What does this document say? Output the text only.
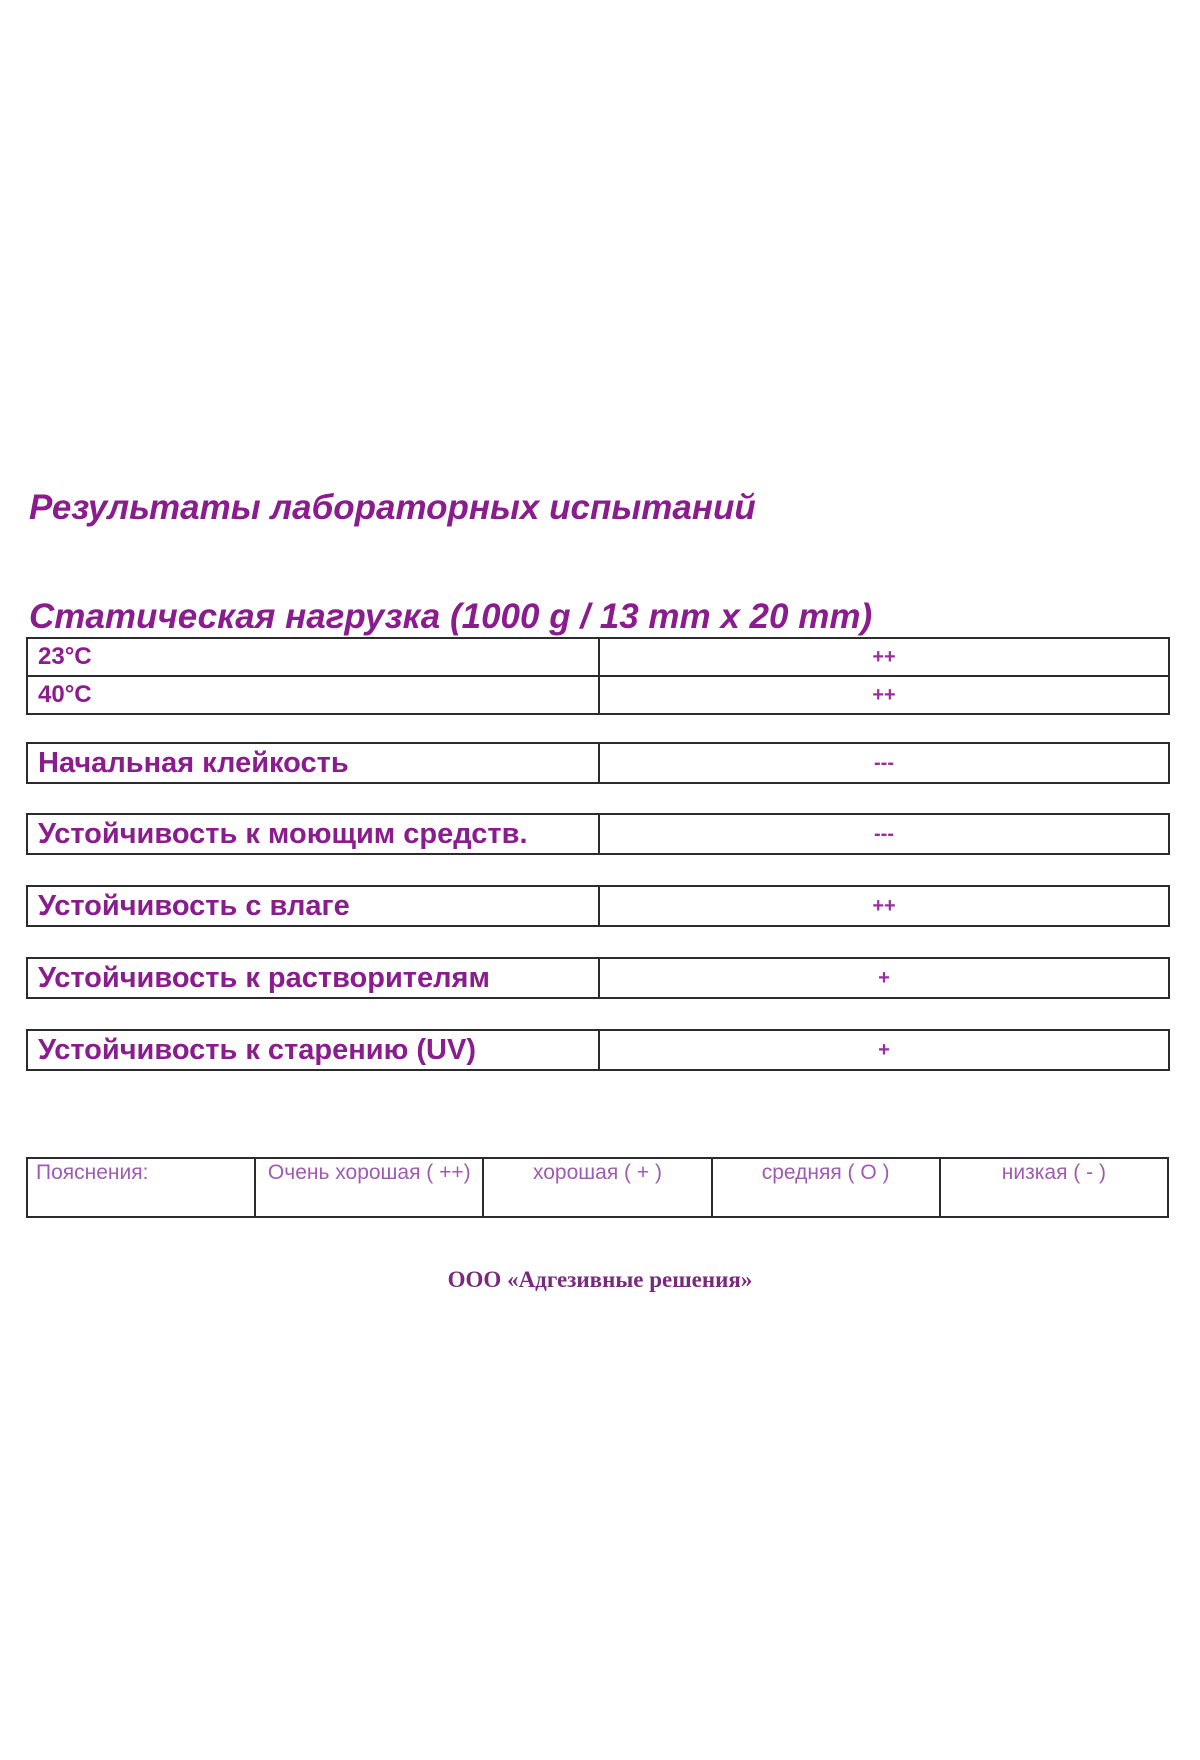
Результаты лабораторных испытаний
Статическая нагрузка (1000 g / 13 mm x 20 mm)
23°C	++
40°C	++
Начальная клейкость	---
Устойчивость к моющим средств.	---
Устойчивость с влаге	++
Устойчивость к растворителям	+
Устойчивость к старению (UV)	+
Пояснения:	Очень хорошая ( ++)	хорошая ( + )	средняя ( O )	низкая ( - )
ООО «Адгезивные решения»
